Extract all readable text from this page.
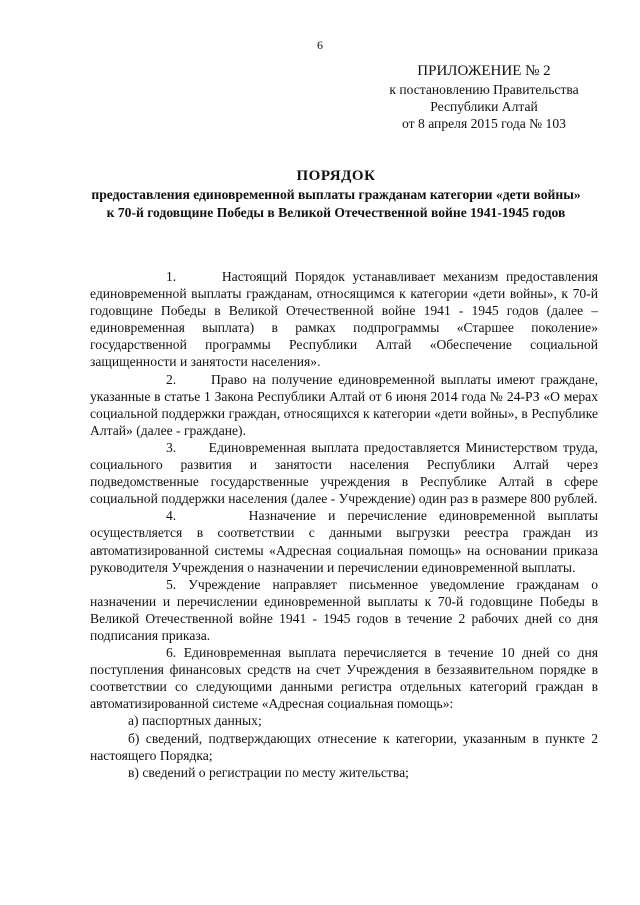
6
ПРИЛОЖЕНИЕ № 2
к постановлению Правительства
Республики Алтай
от 8 апреля 2015 года № 103
ПОРЯДОК
предоставления единовременной выплаты гражданам категории «дети войны» к 70-й годовщине Победы в Великой Отечественной войне 1941-1945 годов

1.	Настоящий Порядок устанавливает механизм предоставления единовременной выплаты гражданам, относящимся к категории «дети войны», к 70-й годовщине Победы в Великой Отечественной войне 1941 - 1945 годов (далее – единовременная выплата) в рамках подпрограммы «Старшее поколение» государственной программы Республики Алтай «Обеспечение социальной защищенности и занятости населения».

2.	Право на получение единовременной выплаты имеют граждане, указанные в статье 1 Закона Республики Алтай от 6 июня 2014 года № 24-РЗ «О мерах социальной поддержки граждан, относящихся к категории «дети войны», в Республике Алтай» (далее - граждане).

3. Единовременная выплата предоставляется Министерством труда, социального развития и занятости населения Республики Алтай через подведомственные государственные учреждения в Республике Алтай в сфере социальной поддержки населения (далее - Учреждение) один раз в размере 800 рублей.

4.	Назначение и перечисление единовременной выплаты осуществляется в соответствии с данными выгрузки реестра граждан из автоматизированной системы «Адресная социальная помощь» на основании приказа руководителя Учреждения о назначении и перечислении единовременной выплаты.

5. Учреждение направляет письменное уведомление гражданам о назначении и перечислении единовременной выплаты к 70-й годовщине Победы в Великой Отечественной войне 1941 - 1945 годов в течение 2 рабочих дней со дня подписания приказа.

6. Единовременная выплата перечисляется в течение 10 дней со дня поступления финансовых средств на счет Учреждения в беззаявительном порядке в соответствии со следующими данными регистра отдельных категорий граждан в автоматизированной системе «Адресная социальная помощь»:

а) паспортных данных;

б) сведений, подтверждающих отнесение к категории, указанным в пункте 2 настоящего Порядка;

в) сведений о регистрации по месту жительства;
